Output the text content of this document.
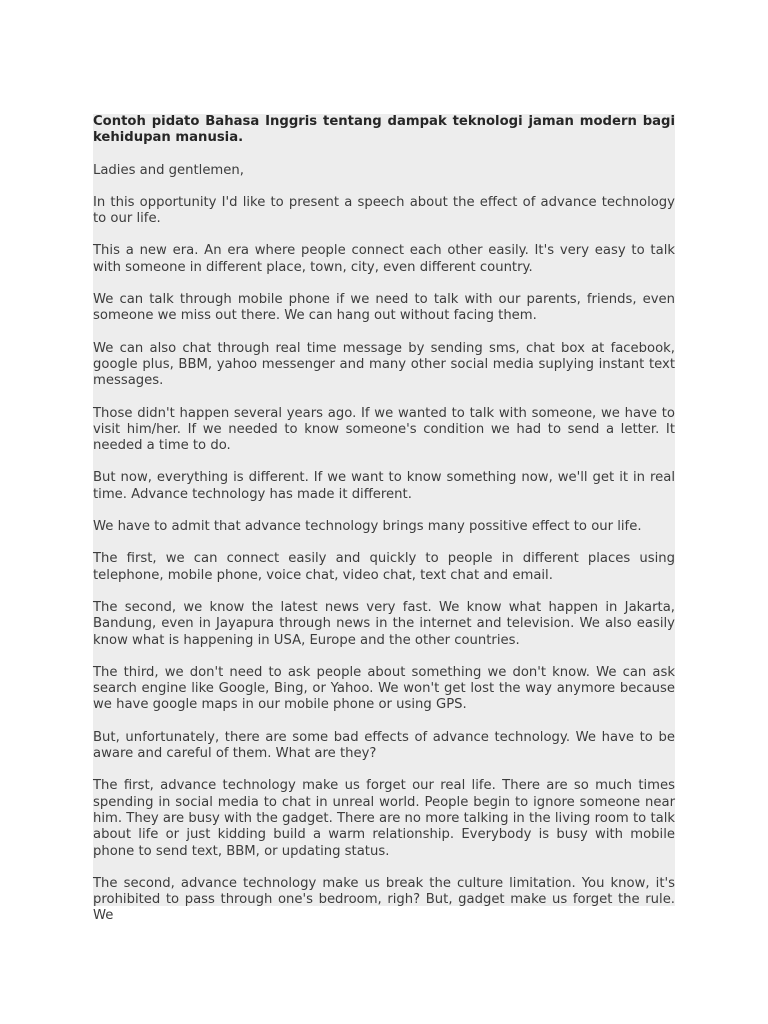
Contoh pidato Bahasa Inggris tentang dampak teknologi jaman modern bagi kehidupan manusia.

Ladies and gentlemen,

In this opportunity I'd like to present a speech about the effect of advance technology to our life.

This a new era. An era where people connect each other easily. It's very easy to talk with someone in different place, town, city, even different country.

We can talk through mobile phone if we need to talk with our parents, friends, even someone we miss out there. We can hang out without facing them.

We can also chat through real time message by sending sms, chat box at facebook, google plus, BBM, yahoo messenger and many other social media suplying instant text messages.

Those didn't happen several years ago. If we wanted to talk with someone, we have to visit him/her. If we needed to know someone's condition we had to send a letter. It needed a time to do.

But now, everything is different. If we want to know something now, we'll get it in real time. Advance technology has made it different.

We have to admit that advance technology brings many possitive effect to our life.

The first, we can connect easily and quickly to people in different places using telephone, mobile phone, voice chat, video chat, text chat and email.

The second, we know the latest news very fast. We know what happen in Jakarta, Bandung, even in Jayapura through news in the internet and television. We also easily know what is happening in USA, Europe and the other countries.

The third, we don't need to ask people about something we don't know. We can ask search engine like Google, Bing, or Yahoo. We won't get lost the way anymore because we have google maps in our mobile phone or using GPS.

But, unfortunately, there are some bad effects of advance technology. We have to be aware and careful of them. What are they?

The first, advance technology make us forget our real life. There are so much times spending in social media to chat in unreal world. People begin to ignore someone near him. They are busy with the gadget. There are no more talking in the living room to talk about life or just kidding build a warm relationship. Everybody is busy with mobile phone to send text, BBM, or updating status.

The second, advance technology make us break the culture limitation. You know, it's prohibited to pass through one's bedroom, righ? But, gadget make us forget the rule. We
